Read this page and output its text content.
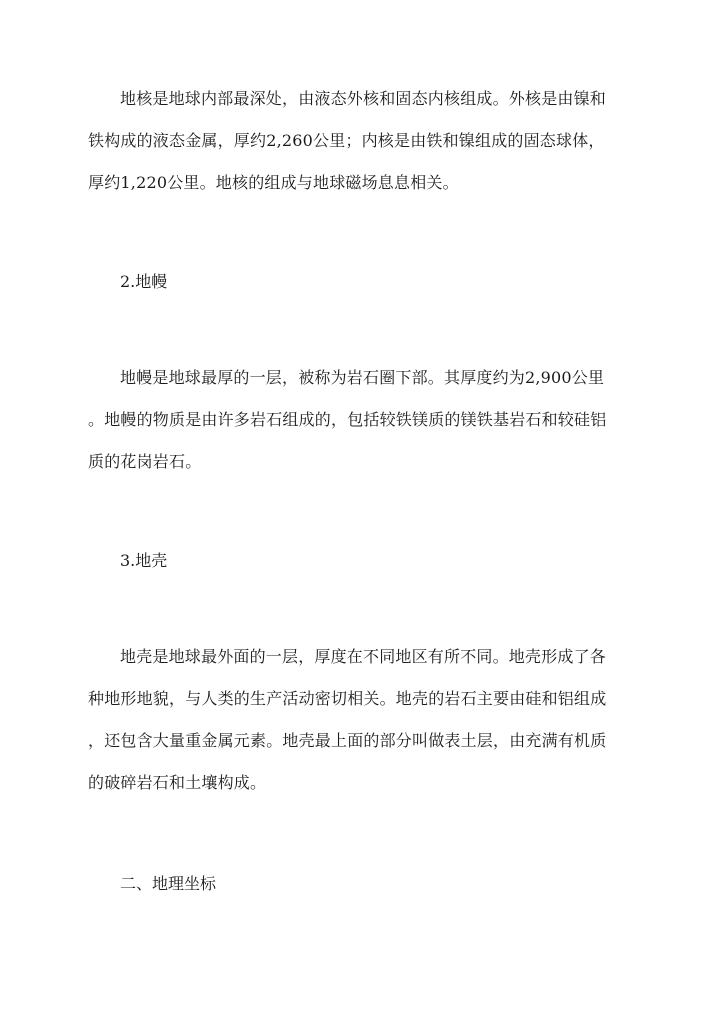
地核是地球内部最深处，由液态外核和固态内核组成。外核是由镍和
铁构成的液态金属，厚约2,260公里；内核是由铁和镍组成的固态球体，
厚约1,220公里。地核的组成与地球磁场息息相关。

2.地幔

地幔是地球最厚的一层，被称为岩石圈下部。其厚度约为2,900公里
。地幔的物质是由许多岩石组成的，包括较铁镁质的镁铁基岩石和较硅铝
质的花岗岩石。

3.地壳

地壳是地球最外面的一层，厚度在不同地区有所不同。地壳形成了各
种地形地貌，与人类的生产活动密切相关。地壳的岩石主要由硅和铝组成
，还包含大量重金属元素。地壳最上面的部分叫做表土层，由充满有机质
的破碎岩石和土壤构成。

二、地理坐标
